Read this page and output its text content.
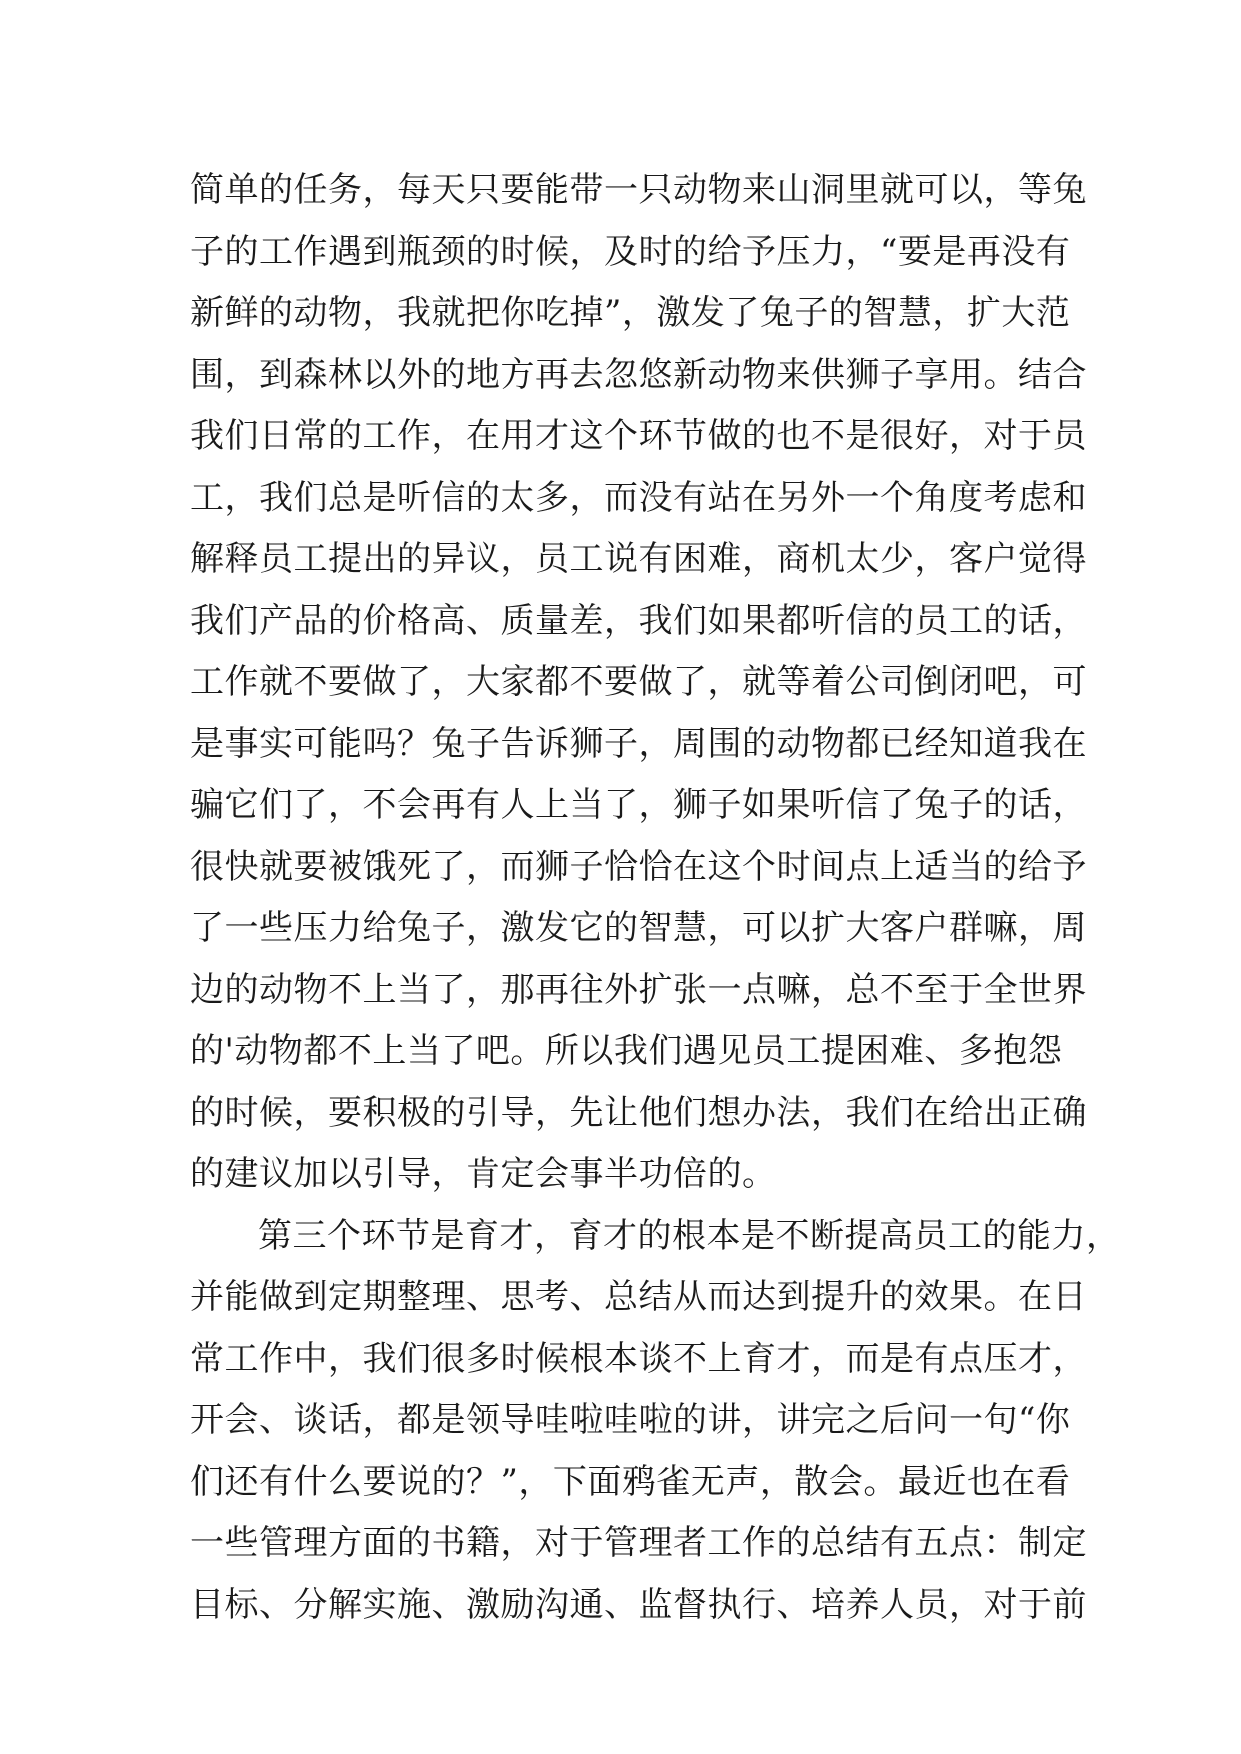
简单的任务，每天只要能带一只动物来山洞里就可以，等兔
子的工作遇到瓶颈的时候，及时的给予压力，“要是再没有
新鲜的动物，我就把你吃掉”，激发了兔子的智慧，扩大范
围，到森林以外的地方再去忽悠新动物来供狮子享用。结合
我们日常的工作，在用才这个环节做的也不是很好，对于员
工，我们总是听信的太多，而没有站在另外一个角度考虑和
解释员工提出的异议，员工说有困难，商机太少，客户觉得
我们产品的价格高、质量差，我们如果都听信的员工的话，
工作就不要做了，大家都不要做了，就等着公司倒闭吧，可
是事实可能吗？兔子告诉狮子，周围的动物都已经知道我在
骗它们了，不会再有人上当了，狮子如果听信了兔子的话，
很快就要被饿死了，而狮子恰恰在这个时间点上适当的给予
了一些压力给兔子，激发它的智慧，可以扩大客户群嘛，周
边的动物不上当了，那再往外扩张一点嘛，总不至于全世界
的'动物都不上当了吧。所以我们遇见员工提困难、多抱怨
的时候，要积极的引导，先让他们想办法，我们在给出正确
的建议加以引导，肯定会事半功倍的。
第三个环节是育才，育才的根本是不断提高员工的能力，
并能做到定期整理、思考、总结从而达到提升的效果。在日
常工作中，我们很多时候根本谈不上育才，而是有点压才，
开会、谈话，都是领导哇啦哇啦的讲，讲完之后问一句“你
们还有什么要说的？”，下面鸦雀无声，散会。最近也在看
一些管理方面的书籍，对于管理者工作的总结有五点：制定
目标、分解实施、激励沟通、监督执行、培养人员，对于前
